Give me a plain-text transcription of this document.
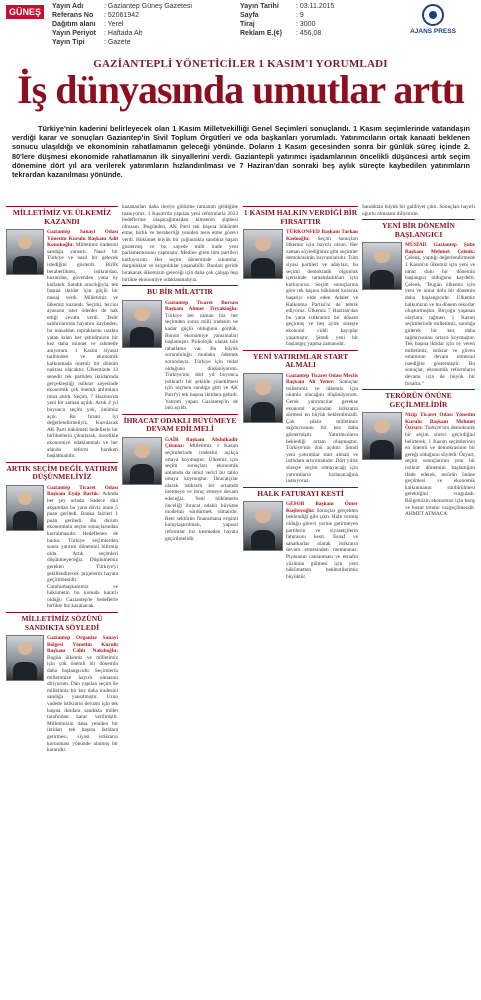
GÜNEŞ
Yayın Adı	: Gaziantep Güneş Gazetesi
Referans No	: 52061942
Dağıtım alanı	: Yerel
Yayın Periyot	: Haftada Alt
Yayın Tipi	: Gazete
Yayın Tarihi	: 03.11.2015
Sayfa	: 9
Tiraj	: 3000
Reklam E.(¢)	: 456,08	AJANS PRESS
GAZİANTEPLİ YÖNETİCİLER 1 KASIM'I YORUMLADI
İş dünyasında umutlar arttı
Türkiye'nin kaderini belirleyecek olan 1 Kasım Milletvekilliği Genel Seçimleri sonuçlandı. 1 Kasım seçimlerinde vatandaşın verdiği karar ve sonuçları Gaziantep'in Sivil Toplum Örgütleri ve oda başkanları yorumladı. Yatırımcıların ortak kanaati beklenen sonucu ulaşıldığı ve ekonominin rahatlamanın geleceği yönünde. Doların 1 Kasım gecesinden sonra bir günlük süreç içinde 2. 80'lere düşmesi ekonomide rahatlamanın ilk sinyallerini verdi. Gaziantepli yatırımcı işadamlarının öncelikli düşüncesi artık seçim dönemine dört yıl ara verilerek yatırımların hızlandırılması ve 7 Haziran'dan sonraki beş aylık süreçte kaybedilen yatırımların tekrardan kazanılması yönünde.
MİLLETİMİZ VE ÜLKEMİZ KAZANDI
Gaziantep Sanayi Odası Yönetim Kurulu Başkanı Adil Konukoğlu: Milletimiz iradesini sandığa yansıttı. Nasıl bir Türkiye ve nasıl bir gelecek istediğini gösterdi. Birlik beraberlikten, istikrardan, huzurdan, güvenden yana oy kullandı. Sandık aracılığıyla, tek başına iktidar için güçlü bir mesaj verdi. Milletimiz ve ülkemiz kazandı. Seçimi, tercini ayasızın ister ödenler de hak ettiği cevabı verdi. Terör saldırılarında hayatını kaybeden, bu masaldan topraklarını uzakta yatan kılan her şehidimizin bir kez daha minnet ve rahmetle anıyorum. 1 Kasım siyasal tarihinden ve ekonomik kalkınmada önemli bir dönüm noktası olacaktır. Ülkemizde 13 senedir tek partiden iktidarında gerçekleştiği istikrar sayesinde ekonomik çok önemli atılımlara imza atıldı. Seçim, 7 Haziran'da yeni bir zaman açıldı. Artık 4 yıl boyunca seçim yok, önümüz açık. Bu fırsatı iyi değerlendirmeliyiz. Kurulacak AK Parti hükümeti hedeflerle bir birliktelerin çıkartarak, öncelikle ekonomiye odaklanmalı ve her alanda reform hareketi başlatmalıdır.
ARTIK SEÇİM DEĞİL YATIRIM DÜŞÜNMELİYİZ
Gaziantep Ticaret Odası Başkanı Eyüp Bartık: Adında her şey ortada. Sadece dün akşamdan bu yana döviz oranı 5 puan geriledi. Banka faizleri 1 puan geriledi. Bu durum ekonominin seçim sonuçlarından kurtulmasıdır. Hedeflenen de budur. Türkiye seçimlerden sonra yatırım dönemini bitirmiş oldu. Artık seçimleri düşünmeyeceğiz. Düşünmemiz gereken Türkiye'yi şekillendirecek projelerin hayata geçirilmesidir. Cumhurbaşkanımız ve hükümetin bu konuda kararlı olduğu Gaziantep'te hedeflerle birlikte hız kazanacak.
MİLLETİMİZ SÖZÜNÜ SANDIKTA SÖYLEDİ
Gaziantep Organize Sanayi Bölgesi Yönetim Kurulu Başkanı Cahit Nakıboğlu: Bugün ülkemiz ve milletimiz için çok önemli bir dönemin daha başlangıcıdır. Seçimlerin milletimize hayırlı olmasını diliyorum. Dün yapılan seçim ile milletimiz bir kez daha iradesini sandığa yansıtmıştır. Uzun vadede istikrarın devamı için tek başına iktidara sandıkta millet tarafından karar verilmiştir. Milletimizin daha yeniden bir iktidarı tek başına iktidara getirmesi, siyasi istikrarın korunması yönünde alınmış bir kararıdır.
kazananları daha ileriye götürme ramanım geldiğine inanıyoruz. 1 Kasım'da yapılan yeni reformlarla 2023 hedeflerine ulaşacağımızdan kimsenin şüphesi olmasın. Bugünden, AK Parti tek başına hükümet etme, birlik ve beraberliği yeniden tesis etme görevi verdi. Hükümet büyük bir çoğunlukla sandıkta başarı göstermiş ve bu sayede milli irade yeni parlamentosunu yapmıştır. Medine giren tüm partileri kutluyorum. Her seçim döneminde sıkıntılar, dargınlıklar ve kırgınlıklar yaşanabilir. Bunları geride bırakarak ülkemizin geleceği için daha çok çalışıp hep birlikte ekonomiye odaklanmalıyız.
BU BİR MİLATTIR
Gaziantep Ticaret Borsası Başkanı Ahmet Tiryakioğlu: Türkiye her zaman biz her seçimden sonra milli iradenin ne kadar güçlü olduğunu gördük. Bunun ekonomiye yansımaları başlamıştır. Psikolojik olarak bile rahatlama var. Bu büyük sorumluluğu mutlaka ödemek zorundayız. Türkiye için milat olduğunu düşünüyorum. Türkiye'nin dört yıl boyunca istikrarlı bir şekilde yönetilmesi için seçmen sandığa gitti ve AK Parti'yi tek başına iktidara getirdi. Yatırım yapan Gaziantep'in de önü açıldı.
İHRACAT ODAKLI BÜYÜMEYE DEVAM EDİLMELİ
GAİB Başkanı Abdulkadir Çıkmaz: Milletimiz 1 Kasım seçimlerinde iradesini açıkça ortaya koymuştur. Ülkemiz için seçim sonuçları ekonomik anlamda da umut verici bir tablo ortaya koymuştur. İhracatçılar olarak istikrarlı bir ortamda üretmeye ve ihraç etmeye devam edeceğiz. Yeni hükümetin önceliği ihracat odaklı büyüme modelini sürdürmek olmalıdır. Reel sektörün finansmana erişimi kolaylaştırılmalı, yapısal reformlar hız kesmeden hayata geçirilmelidir.
1 KASIM HALKIN VERDİĞİ BİR FIRSATTIR
TÜRKONFED Başkanı Tarkan Kadooğlu: Seçim sonuçları ülkemiz için hayırlı olsun. Her zaman söylediğimiz gibi seçimler demokrasinin bayramlarıdır. Tüm siyasi partileri ve adayları, bu seçimi demokratik olgunluk içerisinde tamamladıkları için kutluyoruz. Seçim sonuçlarına göre tek başına hükümet kuracak başarıyı elde eden Adalet ve Kalkınma Partisi'ni de tebrik ediyoruz. Ülkemiz 7 Haziran'dan bu yana istikrarsız bir dönem geçirmiş ve beş aylık süreçte ekonomi ciddi kayıplar yaşamıştır. Şimdi yeni bir başlangıç yapma zamanıdır.
YENİ YATIRIMLAR START ALMALI
Gaziantep Ticaret Odası Meclis Başkanı Ali Yener: Sonuçlar milletimiz ve ülkemiz için olumlu olacağını düşünüyorum. Gerek yatırımcılar gerekse ekonomi açısından istikrarın sürmesi en büyük beklentimizdi. Çok şükür milletimiz sağduyusunu bir kez daha göstermiştir. Yatırımcıların beklediği ortam oluşmuştur. Türkiye'nin önü açıktır. Şimdi yeni yatırımlar start almalı ve istihdam artırılmalıdır. Dört yıllık süreçte seçim olmayacağı için yatırımların hızlanacağına inanıyoruz.
HALK FATURAYI KESTİ
GESOB Başkanı Ömer Kuşbeyoğlu: Sonuçlar gerçekten beklendiği gibi çıktı. Halk vermiş olduğu görevi yerine getirmeyen partilerin ve siyasetçilerin faturasını kesti. Esnaf ve sanatkarlar olarak istikrarın devam etmesinden memnunuz. Piyasanın canlanması ve esnafın yüzünün gülmesi için yeni hükümetten beklentilerimiz büyüktür.
Sandıktan büyük bir galibiyet çıktı. Sonuçları hayırlı uğurlu olmasını diliyorum.
YENİ BİR DÖNEMİN BAŞLANGICI
MÜSİAD Gaziantep Şube Başkanı Mehmet Çelenk: Çelenk, yaptığı değerlendirmede 1 Kasım'ın ülkemiz için yeni ve umut dolu bir dönemin başlangıcı olduğunu kaydetti. Çelenk, "Bugün ülkemiz için yeni ve umut dolu bir dönemin daha başlangıcıdır. Ülkemiz halkımızın ve bu dönem rekorlar oluşturmuştur. Birçoğu yaşanan olaylara rağmen 1 Kasım seçimlerinde milletimiz, sandığa giderek bir kez daha sağduyusunu ortaya koymuştur. Tek başına iktidar için oy veren milletimiz, istikrar ve güven ortamının devam etmesini istediğini göstermiştir. Bu sonuçlar, ekonomik reformların devamı için de büyük bir fırsattır."
TERÖRÜN ÖNÜNE GEÇİLMELİDİR
Nizip Ticaret Odası Yönetim Kurulu Başkanı Mehmet Özyurt: Türkiye'nin demokratik bir seçim süreci geçirdiğini belirterek, 1 Kasım seçimlerinin en önemli ve demokrasinin bir gereği olduğunu söyledi. Özyurt, seçim sonuçlarının yeni bir istikrar dönemini başlattığını ifade ederek, terörün önüne geçilmesi ve ekonomik kalkınmanın sürdürülmesi gerektiğini vurguladı. Bölgemizin ekonomisi için barış ve huzur ortamı vazgeçilmezdir. AHMET ATMACA
